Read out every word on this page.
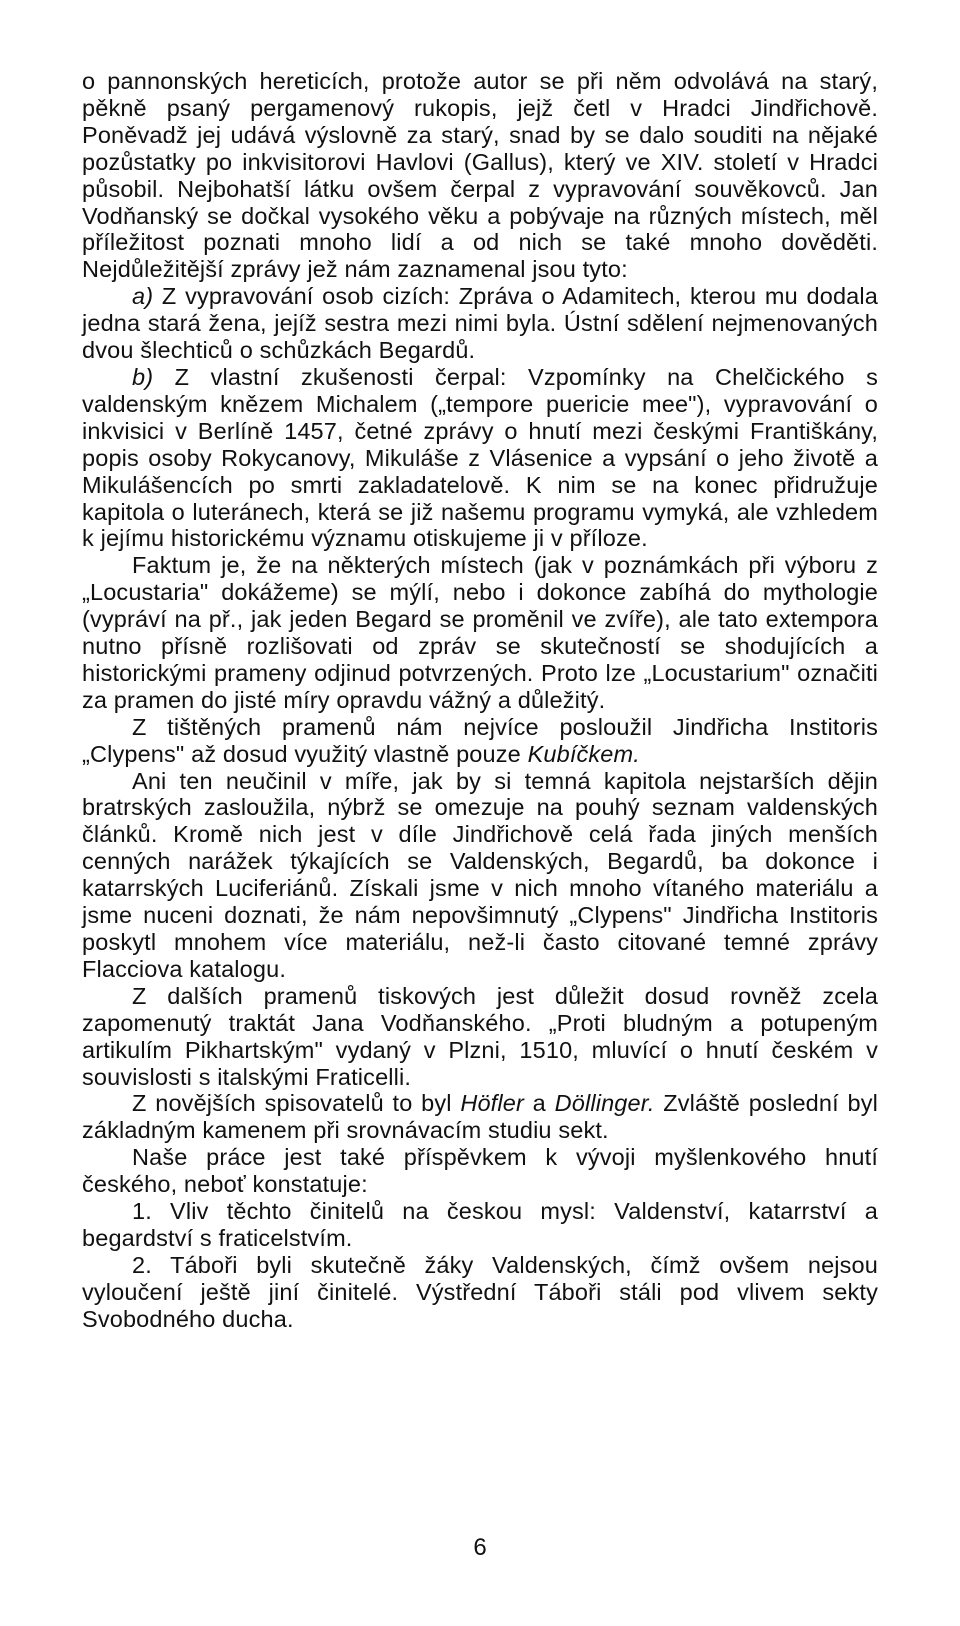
o pannonských hereticích, protože autor se při něm odvolává na starý, pěkně psaný pergamenový rukopis, jejž četl v Hradci Jindřichově. Poněvadž jej udává výslovně za starý, snad by se dalo souditi na nějaké pozůstatky po inkvisitorovi Havlovi (Gallus), který ve XIV. století v Hradci působil. Nejbohatší látku ovšem čerpal z vypravování souvěkovců. Jan Vodňanský se dočkal vysokého věku a pobývaje na různých místech, měl příležitost poznati mnoho lidí a od nich se také mnoho dověděti. Nejdůležitější zprávy jež nám zaznamenal jsou tyto:

a) Z vypravování osob cizích: Zpráva o Adamitech, kterou mu dodala jedna stará žena, jejíž sestra mezi nimi byla. Ústní sdělení nejmenovaných dvou šlechticů o schůzkách Begardů.

b) Z vlastní zkušenosti čerpal: Vzpomínky na Chelčického s valdenským knězem Michalem („tempore puericie mee"), vypravování o inkvisici v Berlíně 1457, četné zprávy o hnutí mezi českými Františkány, popis osoby Rokycanovy, Mikuláše z Vlásenice a vypsání o jeho životě a Mikulášencích po smrti zakladatelově. K nim se na konec přidružuje kapitola o luteránech, která se již našemu programu vymyká, ale vzhledem k jejímu historickému významu otiskujeme ji v příloze.

Faktum je, že na některých místech (jak v poznámkách při výboru z „Locustaria" dokážeme) se mýlí, nebo i dokonce zabíhá do mythologie (vypráví na př., jak jeden Begard se proměnil ve zvíře), ale tato extempora nutno přísně rozlišovati od zpráv se skutečností se shodujících a historickými prameny odjinud potvrzených. Proto lze „Locustarium" označiti za pramen do jisté míry opravdu vážný a důležitý.

Z tištěných pramenů nám nejvíce posloužil Jindřicha Institoris „Clypens" až dosud využitý vlastně pouze Kubíčkem.

Ani ten neučinil v míře, jak by si temná kapitola nejstarších dějin bratrských zasloužila, nýbrž se omezuje na pouhý seznam valdenských článků. Kromě nich jest v díle Jindřichově celá řada jiných menších cenných narážek týkajících se Valdenských, Begardů, ba dokonce i katarrských Luciferiánů. Získali jsme v nich mnoho vítaného materiálu a jsme nuceni doznati, že nám nepovšimnutý „Clypens" Jindřicha Institoris poskytl mnohem více materiálu, než-li často citované temné zprávy Flacciova katalogu.

Z dalších pramenů tiskových jest důležit dosud rovněž zcela zapomenutý traktát Jana Vodňanského. „Proti bludným a potupeným artikulím Pikhartským" vydaný v Plzni, 1510, mluvící o hnutí českém v souvislosti s italskými Fraticelli.

Z novějších spisovatelů to byl Höfler a Döllinger. Zvláště poslední byl základným kamenem při srovnávacím studiu sekt.

Naše práce jest také příspěvkem k vývoji myšlenkového hnutí českého, neboť konstatuje:

1. Vliv těchto činitelů na českou mysl: Valdenství, katarrství a begardství s fraticelstvím.

2. Táboři byli skutečně žáky Valdenských, čímž ovšem nejsou vyloučení ještě jiní činitelé. Výstřední Táboři stáli pod vlivem sekty Svobodného ducha.

6
